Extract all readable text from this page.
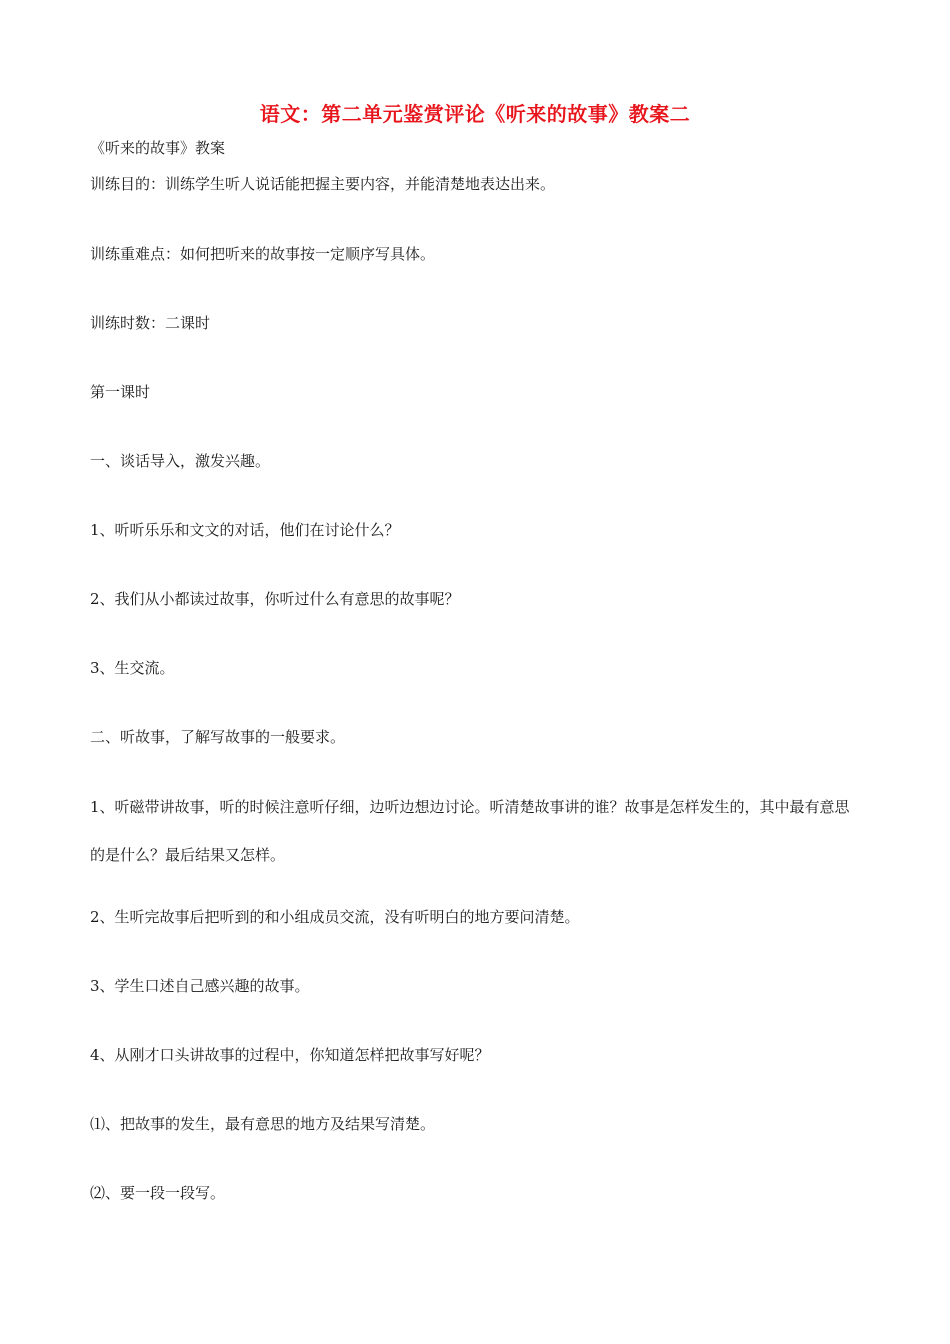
语文：第二单元鉴赏评论《听来的故事》教案二
《听来的故事》教案
训练目的：训练学生听人说话能把握主要内容，并能清楚地表达出来。
训练重难点：如何把听来的故事按一定顺序写具体。
训练时数：二课时
第一课时
一、谈话导入，激发兴趣。
1、听听乐乐和文文的对话，他们在讨论什么？
2、我们从小都读过故事，你听过什么有意思的故事呢？
3、生交流。
二、听故事，了解写故事的一般要求。
1、听磁带讲故事，听的时候注意听仔细，边听边想边讨论。听清楚故事讲的谁？故事是怎样发生的，其中最有意思的是什么？最后结果又怎样。
2、生听完故事后把听到的和小组成员交流，没有听明白的地方要问清楚。
3、学生口述自己感兴趣的故事。
4、从刚才口头讲故事的过程中，你知道怎样把故事写好呢？
⑴、把故事的发生，最有意思的地方及结果写清楚。
⑵、要一段一段写。
